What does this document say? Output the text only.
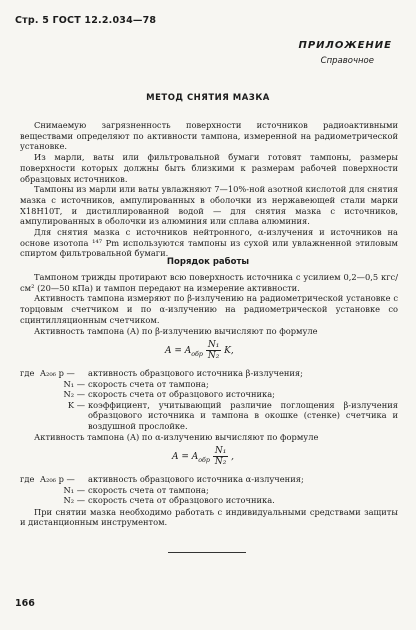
Стр. 5 ГОСТ 12.2.034—78
ПРИЛОЖЕНИЕ
Справочное
МЕТОД СНЯТИЯ МАЗКА

Снимаемую загрязненность поверхности источников радиоактивными веществами определяют по активности тампона, измеренной на радиометрической установке.

Из марли, ваты или фильтровальной бумаги готовят тампоны, размеры поверхности которых должны быть близкими к размерам рабочей поверхности образцовых источников.

Тампоны из марли или ваты увлажняют 7—10%-ной азотной кислотой для снятия мазка с источников, ампулированных в оболочки из нержавеющей стали марки Х18Н10Т, и дистиллированной водой — для снятия мазка с источников, ампулированных в оболочки из алюминия или сплава алюминия.

Для снятия мазка с источников нейтронного, α-излучения и источников на основе изотопа ¹⁴⁷ Pm используются тампоны из сухой или увлажненной этиловым спиртом фильтровальной бумаги.

Порядок работы

Тампоном трижды протирают всю поверхность источника с усилием 0,2—0,5 кгс/см² (20—50 кПа) и тампон передают на измерение активности.

Активность тампона измеряют по β-излучению на радиометрической установке с торцовым счетчиком и по α-излучению на радиометрической установке со сцинтилляционным счетчиком.

Активность тампона (A) по β-излучению вычисляют по формуле

$A = A_{обр} \frac{\text{N₁}}{\text{N₂}} K$,
где A₂₀₆ р —	активность образцового источника β-излучения;
N₁ — скорость счета от тампона;
N₂ — скорость счета от образцового источника;
K — коэффициент, учитывающий различие поглощения β-излучения образцового источника и тампона в окошке (стенке) счетчика и воздушной прослойке.
Активность тампона (A) по α-излучению вычисляют по формуле
$A = A_{обр} \frac{\text{N₁}}{\text{N₂}}$ ,
где A₂₀₆ р —	активность образцового источника α-излучения;
N₁ — скорость счета от тампона;
N₂ — скорость счета от образцового источника.
При снятии мазка необходимо работать с индивидуальными средствами защиты и дистанционным инструментом.
166
